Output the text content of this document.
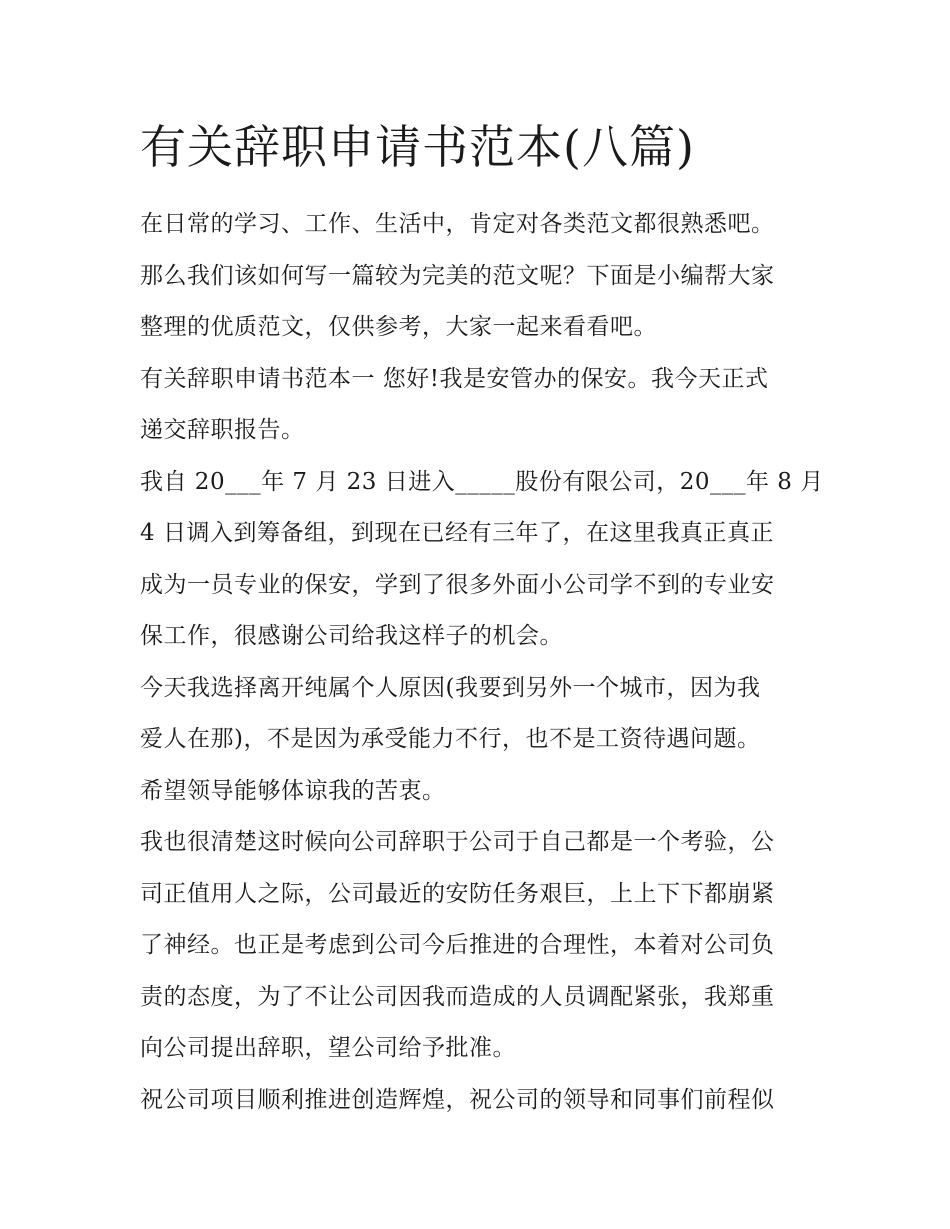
有关辞职申请书范本(八篇)
在日常的学习、工作、生活中，肯定对各类范文都很熟悉吧。
那么我们该如何写一篇较为完美的范文呢？下面是小编帮大家
整理的优质范文，仅供参考，大家一起来看看吧。
有关辞职申请书范本一 您好!我是安管办的保安。我今天正式
递交辞职报告。
我自 20___年 7 月 23 日进入_____股份有限公司，20___年 8 月
4 日调入到筹备组，到现在已经有三年了，在这里我真正真正
成为一员专业的保安，学到了很多外面小公司学不到的专业安
保工作，很感谢公司给我这样子的机会。
今天我选择离开纯属个人原因(我要到另外一个城市，因为我
爱人在那)，不是因为承受能力不行，也不是工资待遇问题。
希望领导能够体谅我的苦衷。
我也很清楚这时候向公司辞职于公司于自己都是一个考验，公
司正值用人之际，公司最近的安防任务艰巨，上上下下都崩紧
了神经。也正是考虑到公司今后推进的合理性，本着对公司负
责的态度，为了不让公司因我而造成的人员调配紧张，我郑重
向公司提出辞职，望公司给予批准。
祝公司项目顺利推进创造辉煌，祝公司的领导和同事们前程似
